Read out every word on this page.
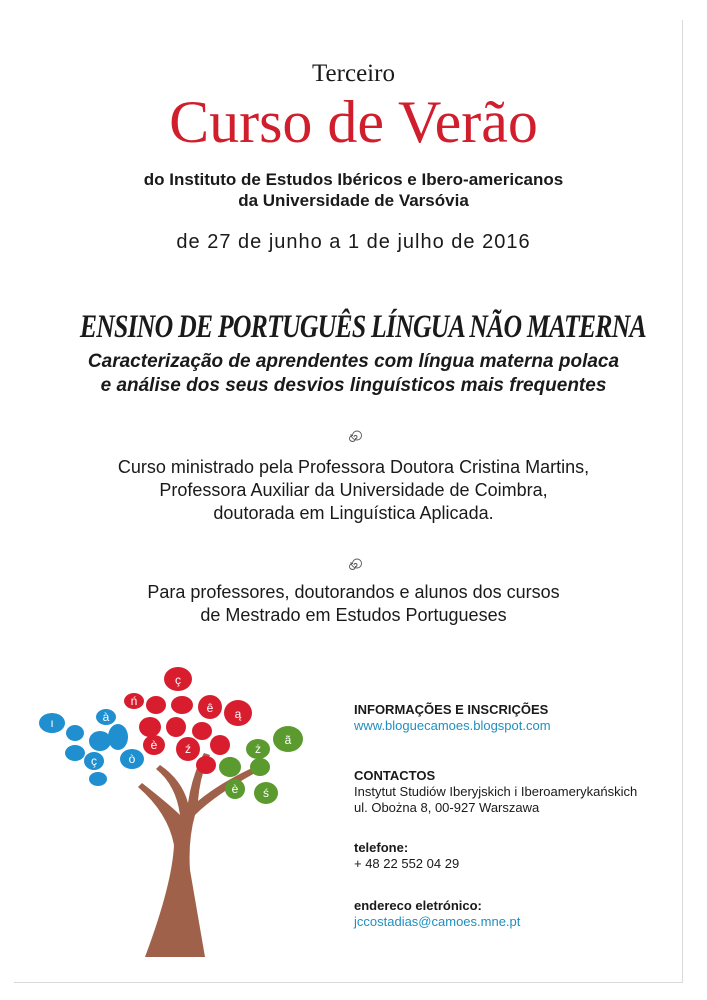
Terceiro
Curso de Verão
do Instituto de Estudos Ibéricos e Ibero-americanos
da Universidade de Varsóvia
de 27 de junho a 1 de julho de 2016
ENSINO DE PORTUGUÊS LÍNGUA NÃO MATERNA
Caracterização de aprendentes com língua materna polaca
e análise dos seus desvios linguísticos mais frequentes
Curso ministrado pela Professora Doutora Cristina Martins,
Professora Auxiliar da Universidade de Coimbra,
doutorada em Linguística Aplicada.
Para professores, doutorandos e alunos dos cursos
de Mestrado em Estudos Portugueses
ı	à
ç	ò
ç
ń	ê ą
è ź	ż
ã
è ś
INFORMAÇÕES E INSCRIÇÕES
www.bloguecamoes.blogspot.com
CONTACTOS
Instytut Studiów Iberyjskich i Iberoamerykańskich
ul. Obożna 8, 00-927 Warszawa
telefone:
+ 48 22 552 04 29
endereco eletrónico:
jccostadias@camoes.mne.pt
